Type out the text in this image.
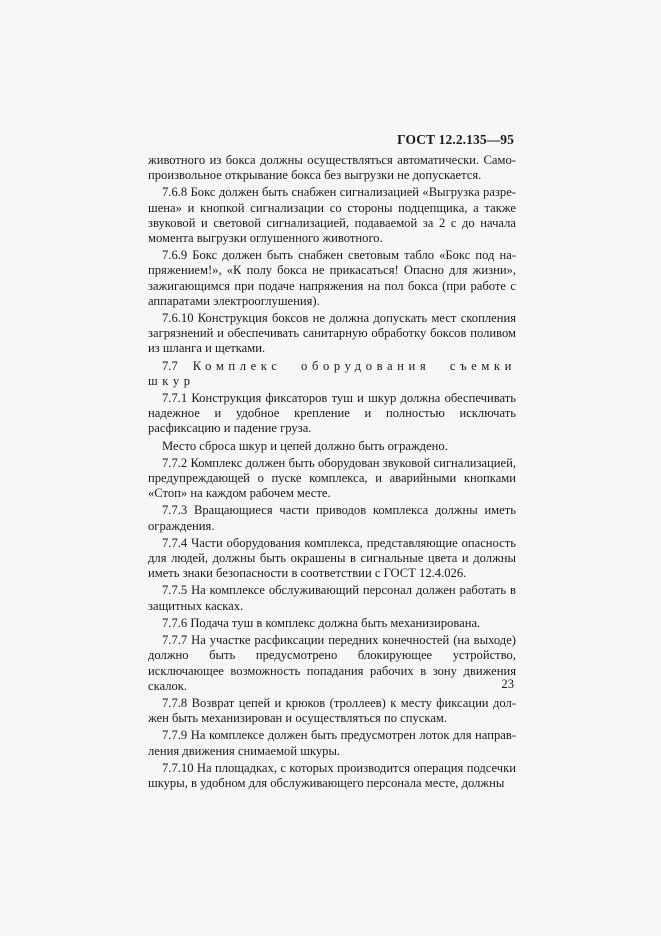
ГОСТ 12.2.135—95

животного из бокса должны осуществляться автоматически. Самопроизвольное открывание бокса без выгрузки не допускается.

7.6.8 Бокс должен быть снабжен сигнализацией «Выгрузка разрешена» и кнопкой сигнализации со стороны подцепщика, а также звуковой и световой сигнализацией, подаваемой за 2 с до начала момента выгрузки оглушенного животного.

7.6.9 Бокс должен быть снабжен световым табло «Бокс под напряжением!», «К полу бокса не прикасаться! Опасно для жизни», зажигающимся при подаче напряжения на пол бокса (при работе с аппаратами электрооглушения).

7.6.10 Конструкция боксов не должна допускать мест скопления загрязнений и обеспечивать санитарную обработку боксов поливом из шланга и щетками.

7.7 Комплекс оборудования съемки шкур

7.7.1 Конструкция фиксаторов туш и шкур должна обеспечивать надежное и удобное крепление и полностью исключать расфиксацию и падение груза.

Место сброса шкур и цепей должно быть ограждено.

7.7.2 Комплекс должен быть оборудован звуковой сигнализацией, предупреждающей о пуске комплекса, и аварийными кнопками «Стоп» на каждом рабочем месте.

7.7.3 Вращающиеся части приводов комплекса должны иметь ограждения.

7.7.4 Части оборудования комплекса, представляющие опасность для людей, должны быть окрашены в сигнальные цвета и должны иметь знаки безопасности в соответствии с ГОСТ 12.4.026.

7.7.5 На комплексе обслуживающий персонал должен работать в защитных касках.

7.7.6 Подача туш в комплекс должна быть механизирована.

7.7.7 На участке расфиксации передних конечностей (на выходе) должно быть предусмотрено блокирующее устройство, исключающее возможность попадания рабочих в зону движения скалок.

7.7.8 Возврат цепей и крюков (троллеев) к месту фиксации должен быть механизирован и осуществляться по спускам.

7.7.9 На комплексе должен быть предусмотрен лоток для направления движения снимаемой шкуры.

7.7.10 На площадках, с которых производится операция подсечки шкуры, в удобном для обслуживающего персонала месте, должны

23
